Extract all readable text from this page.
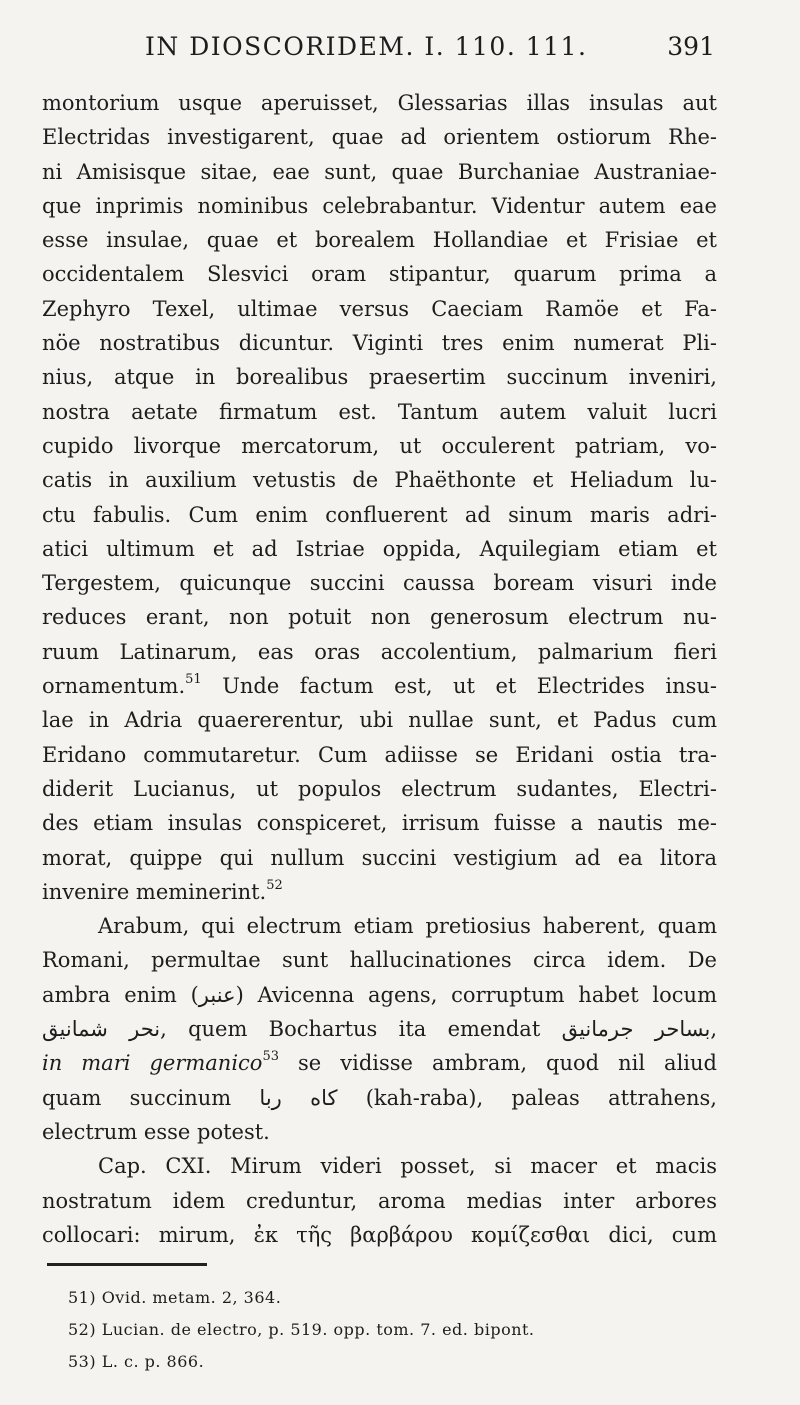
IN DIOSCORIDEM. I. 110. 111.	391
montorium usque aperuisset, Glessarias illas insulas aut
Electridas investigarent, quae ad orientem ostiorum Rhe-
ni Amisisque sitae, eae sunt, quae Burchaniae Austraniae-
que inprimis nominibus celebrabantur. Videntur autem eae
esse insulae, quae et borealem Hollandiae et Frisiae et
occidentalem Slesvici oram stipantur, quarum prima a
Zephyro Texel, ultimae versus Caeciam Ramöe et Fa-
nöe nostratibus dicuntur. Viginti tres enim numerat Pli-
nius, atque in borealibus praesertim succinum inveniri,
nostra aetate firmatum est. Tantum autem valuit lucri
cupido livorque mercatorum, ut occulerent patriam, vo-
catis in auxilium vetustis de Phaëthonte et Heliadum lu-
ctu fabulis. Cum enim confluerent ad sinum maris adri-
atici ultimum et ad Istriae oppida, Aquilegiam etiam et
Tergestem, quicunque succini caussa boream visuri inde
reduces erant, non potuit non generosum electrum nu-
ruum Latinarum, eas oras accolentium, palmarium fieri
ornamentum.$^{51}$ Unde factum est, ut et Electrides insu-
lae in Adria quaererentur, ubi nullae sunt, et Padus cum
Eridano commutaretur. Cum adiisse se Eridani ostia tra-
diderit Lucianus, ut populos electrum sudantes, Electri-
des etiam insulas conspiceret, irrisum fuisse a nautis me-
morat, quippe qui nullum succini vestigium ad ea litora
invenire meminerint.$^{52}$
Arabum, qui electrum etiam pretiosius haberent, quam
Romani, permultae sunt hallucinationes circa idem. De
ambra enim (عنبر) Avicenna agens, corruptum habet locum
نحر شمانيق, quem Bochartus ita emendat بساحر جرمانيق,
in mari germanico$^{53}$ se vidisse ambram, quod nil aliud
quam succinum كاه ربا (kah-raba), paleas attrahens,
electrum esse potest.
Cap. CXI. Mirum videri posset, si macer et macis
nostratum idem creduntur, aroma medias inter arbores
collocari: mirum, ἐκ τῆς βαρβάρου κομίζεσθαι dici, cum
51) Ovid. metam. 2, 364.
52) Lucian. de electro, p. 519. opp. tom. 7. ed. bipont.
53) L. c. p. 866.
